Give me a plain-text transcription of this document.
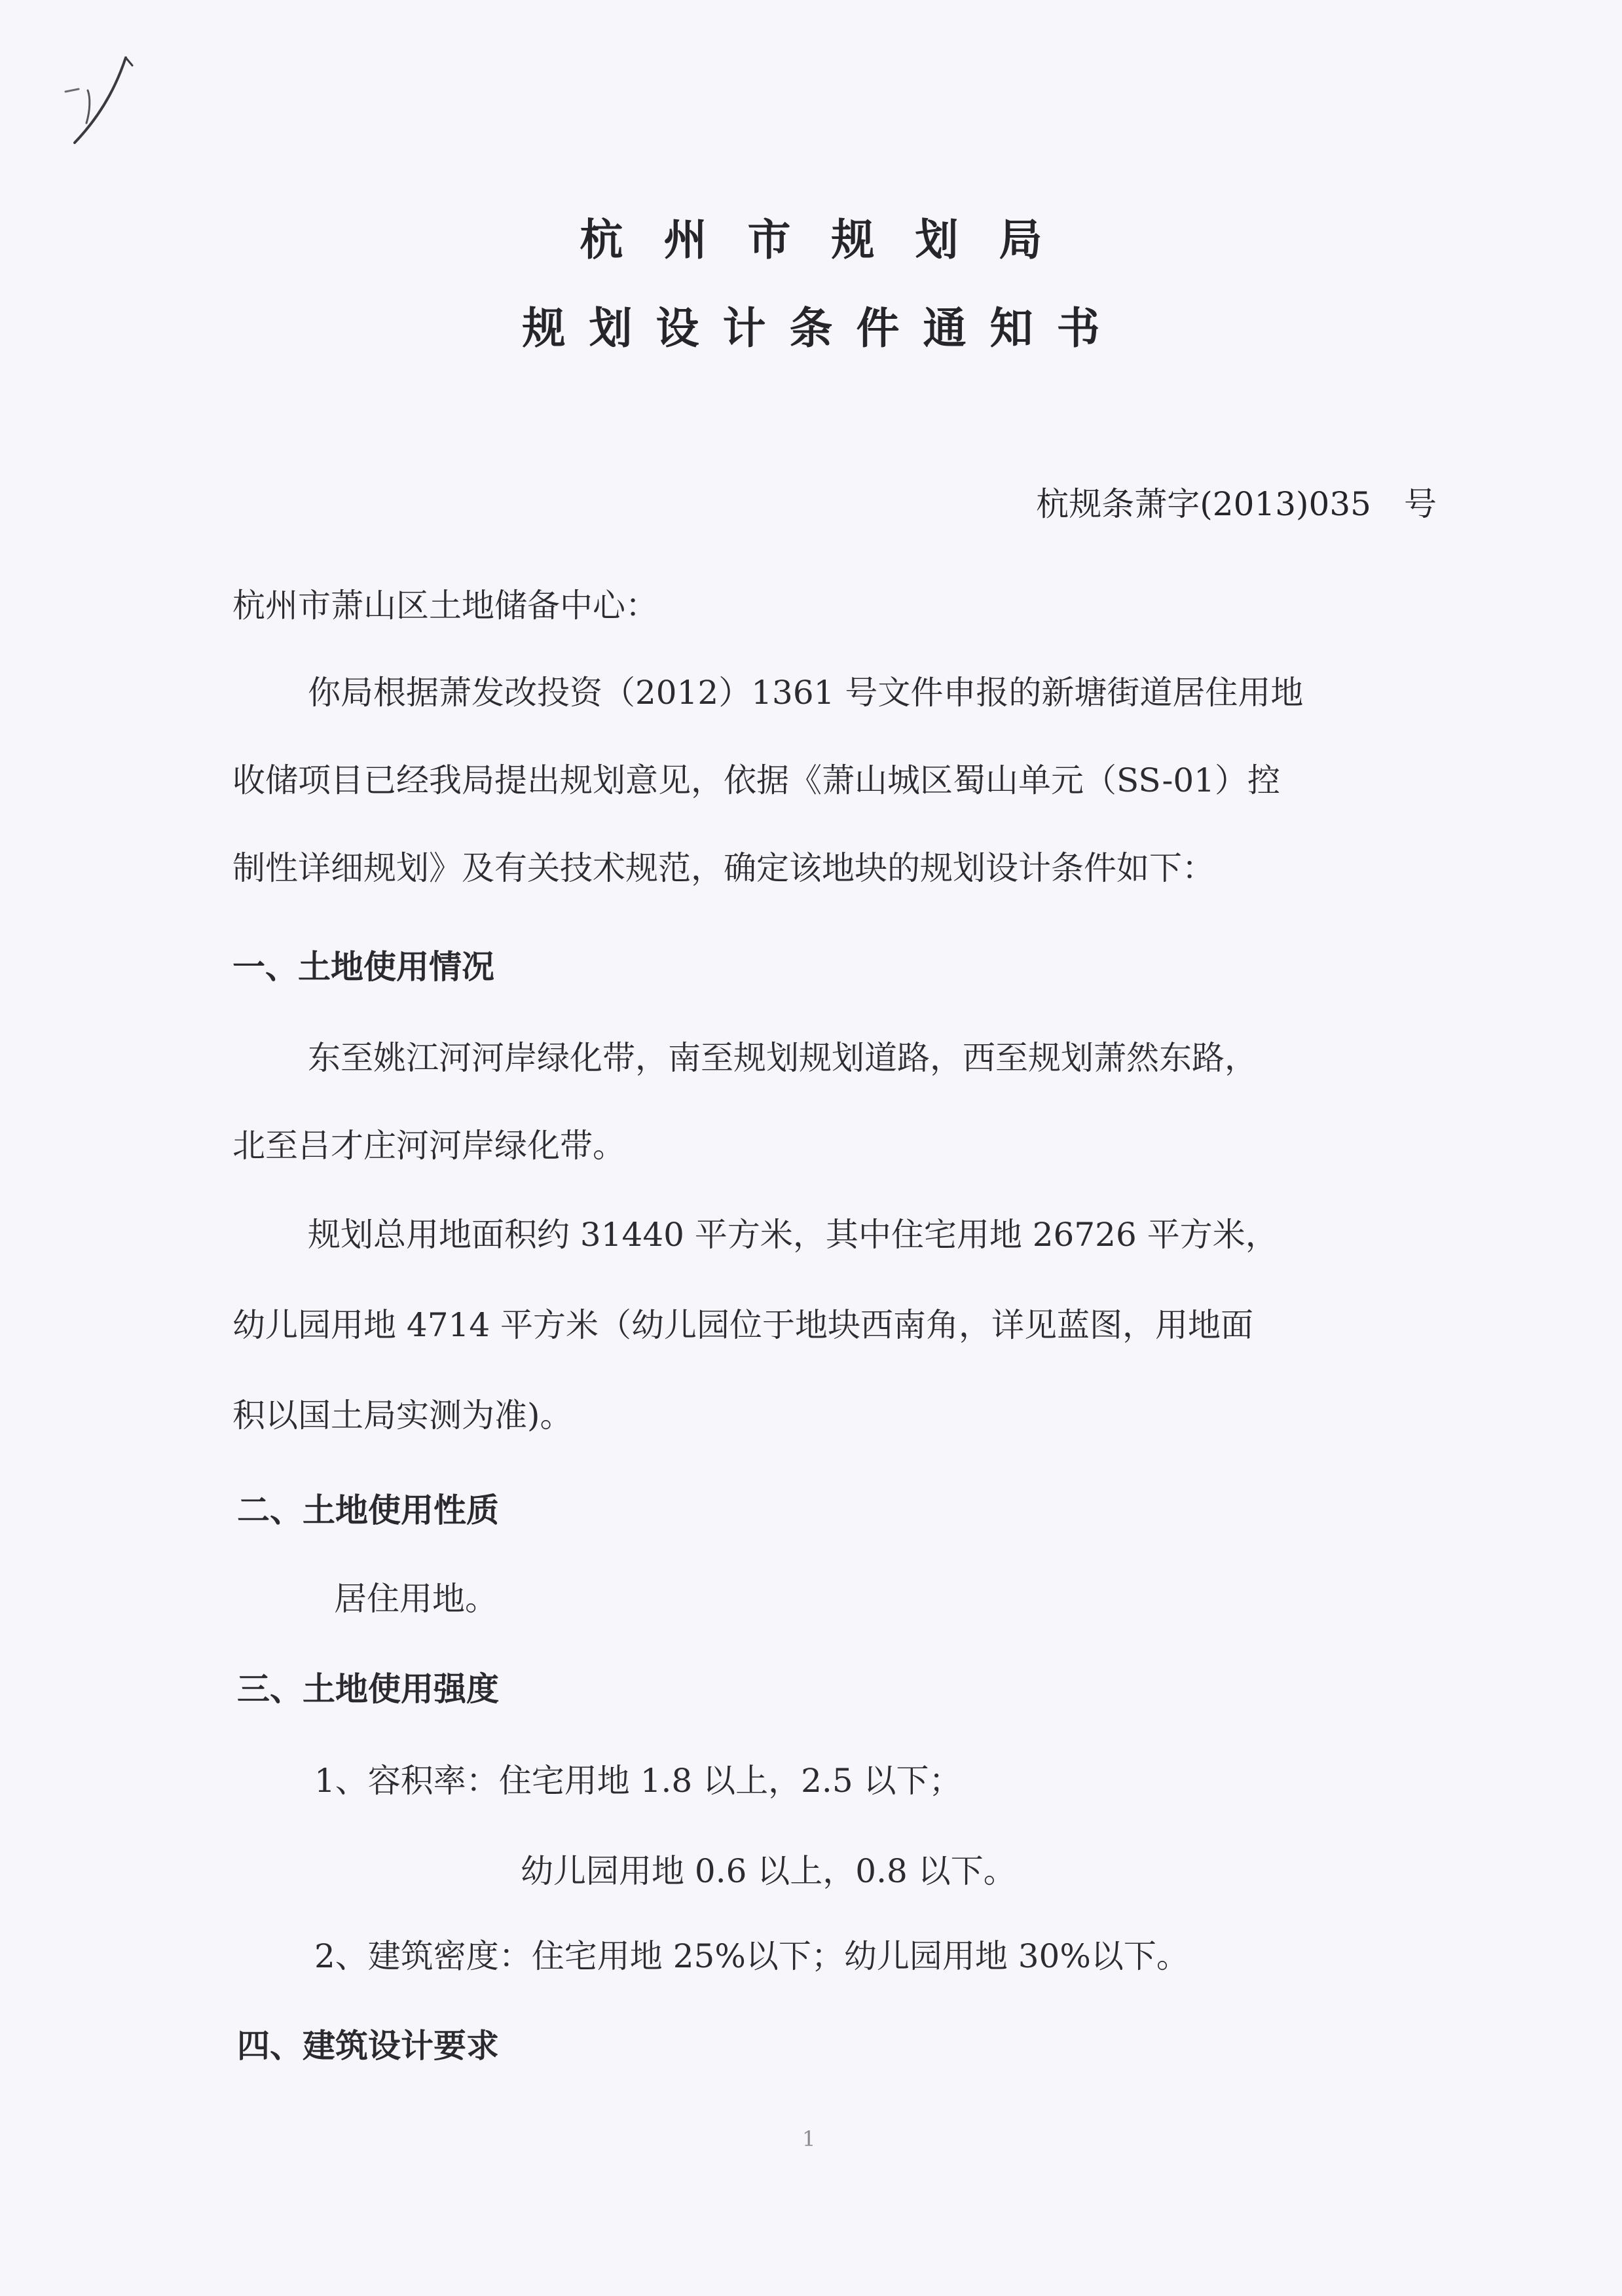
杭州市规划局
规划设计条件通知书
杭规条萧字(2013)035　号
杭州市萧山区土地储备中心：
你局根据萧发改投资（2012）1361 号文件申报的新塘街道居住用地
收储项目已经我局提出规划意见，依据《萧山城区蜀山单元（SS-01）控
制性详细规划》及有关技术规范，确定该地块的规划设计条件如下：
一、土地使用情况
东至姚江河河岸绿化带，南至规划规划道路，西至规划萧然东路，
北至吕才庄河河岸绿化带。
规划总用地面积约 31440 平方米，其中住宅用地 26726 平方米，
幼儿园用地 4714 平方米（幼儿园位于地块西南角，详见蓝图，用地面
积以国土局实测为准)。
二、土地使用性质
居住用地。
三、土地使用强度
1、容积率：住宅用地 1.8 以上，2.5 以下；
幼儿园用地 0.6 以上，0.8 以下。
2、建筑密度：住宅用地 25%以下；幼儿园用地 30%以下。
四、建筑设计要求
1
